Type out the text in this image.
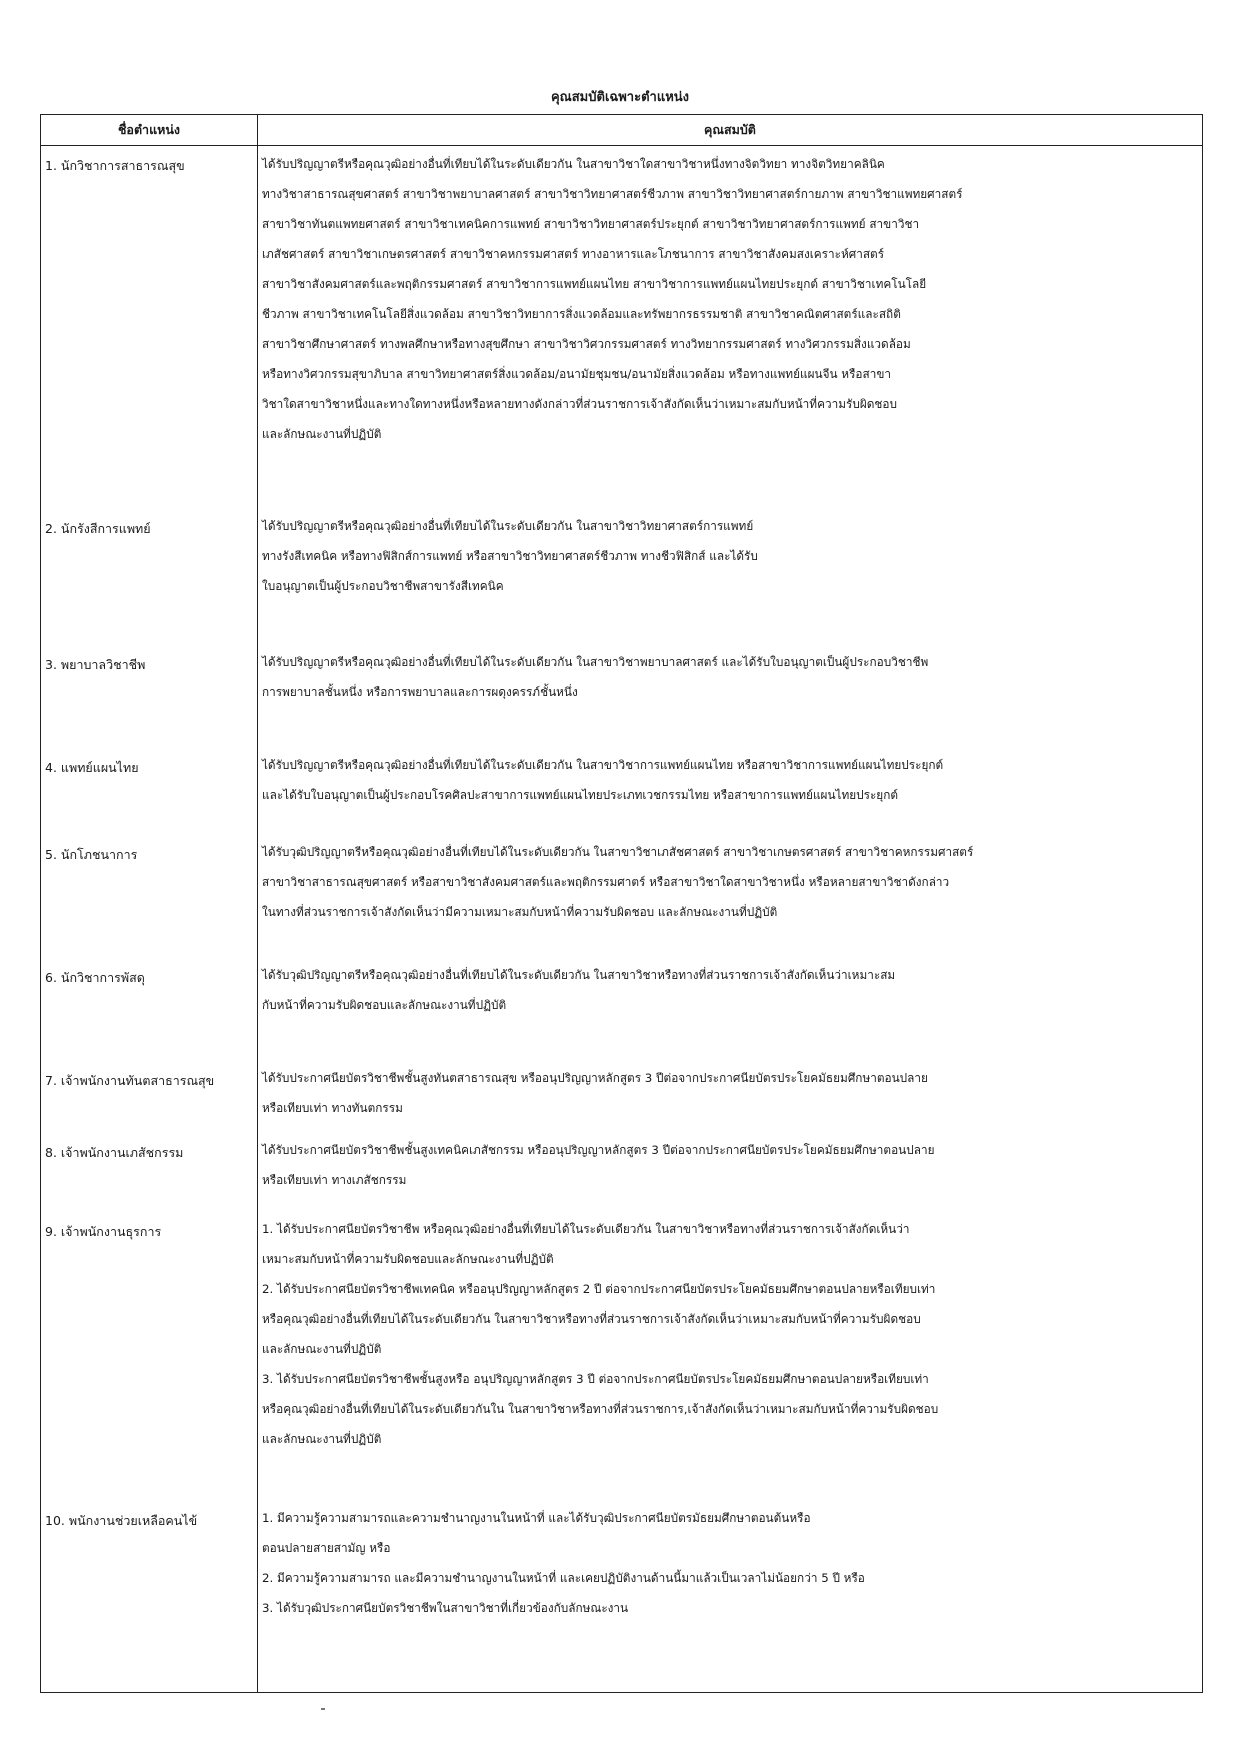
คุณสมบัติเฉพาะตำแหน่ง
ชื่อตำแหน่ง	คุณสมบัติ
1. นักวิชาการสาธารณสุข	ได้รับปริญญาตรีหรือคุณวุฒิอย่างอื่นที่เทียบได้ในระดับเดียวกัน ในสาขาวิชาใดสาขาวิชาหนึ่งทางจิตวิทยา ทางจิตวิทยาคลินิค
ทางวิชาสาธารณสุขศาสตร์ สาขาวิชาพยาบาลศาสตร์ สาขาวิชาวิทยาศาสตร์ชีวภาพ สาขาวิชาวิทยาศาสตร์กายภาพ สาขาวิชาแพทยศาสตร์
สาขาวิชาทันตแพทยศาสตร์ สาขาวิชาเทคนิคการแพทย์ สาขาวิชาวิทยาศาสตร์ประยุกต์ สาขาวิชาวิทยาศาสตร์การแพทย์ สาขาวิชา
เภสัชศาสตร์ สาขาวิชาเกษตรศาสตร์ สาขาวิชาคหกรรมศาสตร์ ทางอาหารและโภชนาการ สาขาวิชาสังคมสงเคราะห์ศาสตร์
สาขาวิชาสังคมศาสตร์และพฤติกรรมศาสตร์ สาขาวิชาการแพทย์แผนไทย สาขาวิชาการแพทย์แผนไทยประยุกต์ สาขาวิชาเทคโนโลยี
ชีวภาพ สาขาวิชาเทคโนโลยีสิ่งแวดล้อม สาขาวิชาวิทยาการสิ่งแวดล้อมและทรัพยากรธรรมชาติ สาขาวิชาคณิตศาสตร์และสถิติ
สาขาวิชาศึกษาศาสตร์ ทางพลศึกษาหรือทางสุขศึกษา สาขาวิชาวิศวกรรมศาสตร์ ทางวิทยากรรมศาสตร์ ทางวิศวกรรมสิ่งแวดล้อม
หรือทางวิศวกรรมสุขาภิบาล สาขาวิทยาศาสตร์สิ่งแวดล้อม/อนามัยชุมชน/อนามัยสิ่งแวดล้อม หรือทางแพทย์แผนจีน หรือสาขา
วิชาใดสาขาวิชาหนึ่งและทางใดทางหนึ่งหรือหลายทางดังกล่าวที่ส่วนราชการเจ้าสังกัดเห็นว่าเหมาะสมกับหน้าที่ความรับผิดชอบ
และลักษณะงานที่ปฏิบัติ
2. นักรังสีการแพทย์	ได้รับปริญญาตรีหรือคุณวุฒิอย่างอื่นที่เทียบได้ในระดับเดียวกัน ในสาขาวิชาวิทยาศาสตร์การแพทย์
ทางรังสีเทคนิค หรือทางฟิสิกส์การแพทย์ หรือสาขาวิชาวิทยาศาสตร์ชีวภาพ ทางชีวฟิสิกส์ และได้รับ
ใบอนุญาตเป็นผู้ประกอบวิชาชีพสาขารังสีเทคนิค
3. พยาบาลวิชาชีพ	ได้รับปริญญาตรีหรือคุณวุฒิอย่างอื่นที่เทียบได้ในระดับเดียวกัน ในสาขาวิชาพยาบาลศาสตร์ และได้รับใบอนุญาตเป็นผู้ประกอบวิชาชีพ
การพยาบาลชั้นหนึ่ง หรือการพยาบาลและการผดุงครรภ์ชั้นหนึ่ง
4. แพทย์แผนไทย	ได้รับปริญญาตรีหรือคุณวุฒิอย่างอื่นที่เทียบได้ในระดับเดียวกัน ในสาขาวิชาการแพทย์แผนไทย หรือสาขาวิชาการแพทย์แผนไทยประยุกต์
และได้รับใบอนุญาตเป็นผู้ประกอบโรคศิลปะสาขาการแพทย์แผนไทยประเภทเวชกรรมไทย หรือสาขาการแพทย์แผนไทยประยุกต์
5. นักโภชนาการ	ได้รับวุฒิปริญญาตรีหรือคุณวุฒิอย่างอื่นที่เทียบได้ในระดับเดียวกัน ในสาขาวิชาเภสัชศาสตร์ สาขาวิชาเกษตรศาสตร์ สาขาวิชาคหกรรมศาสตร์
สาขาวิชาสาธารณสุขศาสตร์ หรือสาขาวิชาสังคมศาสตร์และพฤติกรรมศาตร์ หรือสาขาวิชาใดสาขาวิชาหนึ่ง หรือหลายสาขาวิชาดังกล่าว
ในทางที่ส่วนราชการเจ้าสังกัดเห็นว่ามีความเหมาะสมกับหน้าที่ความรับผิดชอบ และลักษณะงานที่ปฏิบัติ
6. นักวิชาการพัสดุ	ได้รับวุฒิปริญญาตรีหรือคุณวุฒิอย่างอื่นที่เทียบได้ในระดับเดียวกัน ในสาขาวิชาหรือทางที่ส่วนราชการเจ้าสังกัดเห็นว่าเหมาะสม
กับหน้าที่ความรับผิดชอบและลักษณะงานที่ปฏิบัติ
7. เจ้าพนักงานทันตสาธารณสุข	ได้รับประกาศนียบัตรวิชาชีพชั้นสูงทันตสาธารณสุข หรืออนุปริญญาหลักสูตร 3 ปีต่อจากประกาศนียบัตรประโยคมัธยมศึกษาตอนปลาย
หรือเทียบเท่า ทางทันตกรรม
8. เจ้าพนักงานเภสัชกรรม	ได้รับประกาศนียบัตรวิชาชีพชั้นสูงเทคนิคเภสัชกรรม หรืออนุปริญญาหลักสูตร 3 ปีต่อจากประกาศนียบัตรประโยคมัธยมศึกษาตอนปลาย
หรือเทียบเท่า ทางเภสัชกรรม
9. เจ้าพนักงานธุรการ	1. ได้รับประกาศนียบัตรวิชาชีพ หรือคุณวุฒิอย่างอื่นที่เทียบได้ในระดับเดียวกัน ในสาขาวิชาหรือทางที่ส่วนราชการเจ้าสังกัดเห็นว่า
เหมาะสมกับหน้าที่ความรับผิดชอบและลักษณะงานที่ปฏิบัติ
2. ได้รับประกาศนียบัตรวิชาชีพเทคนิค หรืออนุปริญญาหลักสูตร 2 ปี ต่อจากประกาศนียบัตรประโยคมัธยมศึกษาตอนปลายหรือเทียบเท่า
หรือคุณวุฒิอย่างอื่นที่เทียบได้ในระดับเดียวกัน ในสาขาวิชาหรือทางที่ส่วนราชการเจ้าสังกัดเห็นว่าเหมาะสมกับหน้าที่ความรับผิดชอบ
และลักษณะงานที่ปฏิบัติ
3. ได้รับประกาศนียบัตรวิชาชีพชั้นสูงหรือ อนุปริญญาหลักสูตร 3 ปี ต่อจากประกาศนียบัตรประโยคมัธยมศึกษาตอนปลายหรือเทียบเท่า
หรือคุณวุฒิอย่างอื่นที่เทียบได้ในระดับเดียวกันใน ในสาขาวิชาหรือทางที่ส่วนราชการ,เจ้าสังกัดเห็นว่าเหมาะสมกับหน้าที่ความรับผิดชอบ
และลักษณะงานที่ปฏิบัติ
10. พนักงานช่วยเหลือคนไข้	1. มีความรู้ความสามารถและความชำนาญงานในหน้าที่ และได้รับวุฒิประกาศนียบัตรมัธยมศึกษาตอนต้นหรือ
ตอนปลายสายสามัญ หรือ
2. มีความรู้ความสามารถ และมีความชำนาญงานในหน้าที่ และเคยปฏิบัติงานด้านนี้มาแล้วเป็นเวลาไม่น้อยกว่า 5 ปี หรือ
3. ได้รับวุฒิประกาศนียบัตรวิชาชีพในสาขาวิชาที่เกี่ยวข้องกับลักษณะงาน
